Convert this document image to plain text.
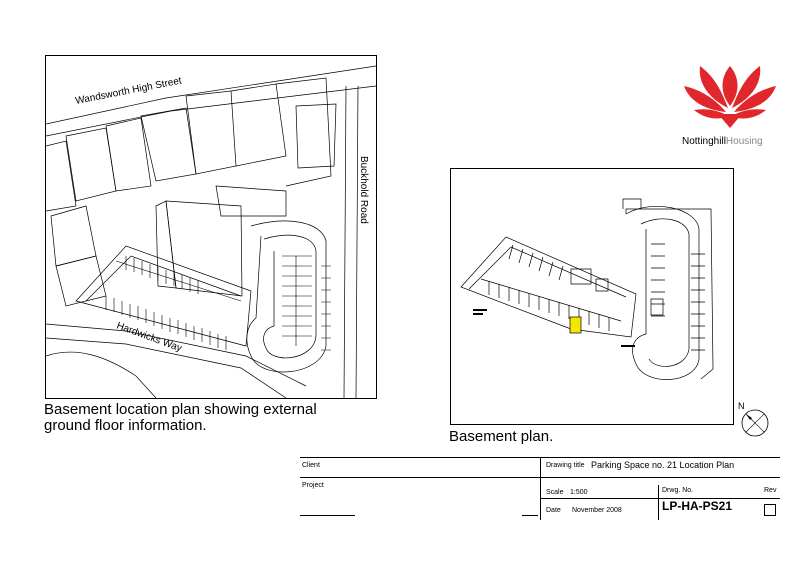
Wandsworth High Street
Buckhold Road
Hardwicks Way
Basement location plan showing external
ground floor information.
Basement plan.
NottinghillHousing
N
Client
Project
Drawing title Parking Space no. 21 Location Plan
Scale 1:500	Drwg. No.
LP-HA-PS21
Rev
Date November 2008
